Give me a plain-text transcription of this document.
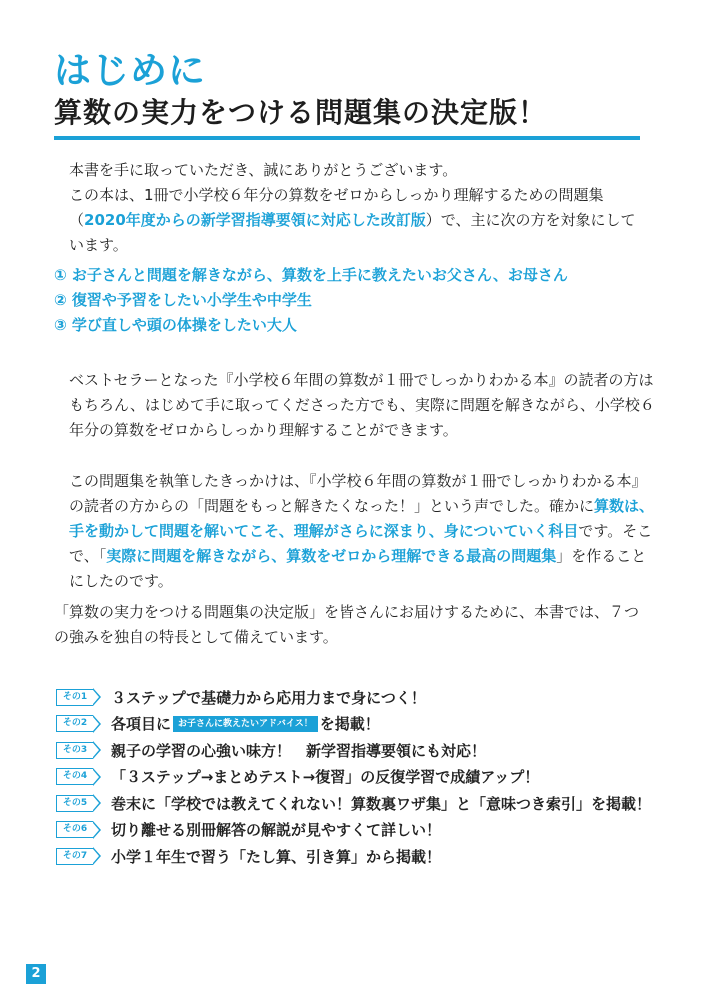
はじめに
算数の実力をつける問題集の決定版！

本書を手に取っていただき、誠にありがとうございます。

この本は、1冊で小学校６年分の算数をゼロからしっかり理解するための問題集（2020年度からの新学習指導要領に対応した改訂版）で、主に次の方を対象にしています。

① お子さんと問題を解きながら、算数を上手に教えたいお父さん、お母さん

② 復習や予習をしたい小学生や中学生

③ 学び直しや頭の体操をしたい大人

ベストセラーとなった『小学校６年間の算数が１冊でしっかりわかる本』の読者の方はもちろん、はじめて手に取ってくださった方でも、実際に問題を解きながら、小学校６年分の算数をゼロからしっかり理解することができます。

この問題集を執筆したきっかけは、『小学校６年間の算数が１冊でしっかりわかる本』の読者の方からの「問題をもっと解きたくなった！」という声でした。確かに算数は、手を動かして問題を解いてこそ、理解がさらに深まり、身についていく科目です。そこで、「実際に問題を解きながら、算数をゼロから理解できる最高の問題集」を作ることにしたのです。

「算数の実力をつける問題集の決定版」を皆さんにお届けするために、本書では、７つの強みを独自の特長として備えています。

その1	３ステップで基礎力から応用力まで身につく！
その2	各項目に お子さんに教えたいアドバイス！ を掲載！
その3	親子の学習の心強い味方！　新学習指導要領にも対応！
その4	「３ステップ→まとめテスト→復習」の反復学習で成績アップ！
その5	巻末に「学校では教えてくれない！算数裏ワザ集」と「意味つき索引」を掲載！
その6	切り離せる別冊解答の解説が見やすくて詳しい！
その7	小学１年生で習う「たし算、引き算」から掲載！
2
